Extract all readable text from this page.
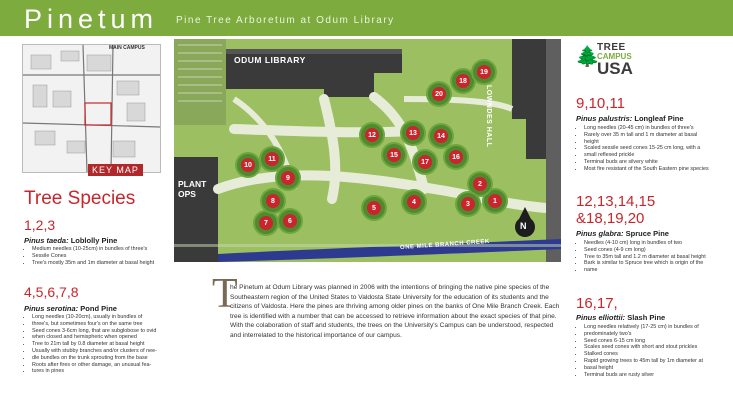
Pinetum Pine Tree Arboretum at Odum Library
MAIN CAMPUS
KEY MAP
Tree Species
1,2,3
Pinus taeda: Loblolly Pine
• Medium needles (10-25cm) in bundles of three's
• Sessile Cones
• Tree's mostly 35m and 1m diameter at basal height
4,5,6,7,8
Pinus serotina: Pond Pine
• Long needles (10-20cm), usually in bundles of
• three's, but sometimes four's on the same tree
• Seed cones 3-6cm long, that are subglobose to ovid
• when closed and hemispheric when opened
• Tree to 21m tall by 0.8 diameter at basal height
• Usually with stubby branches and/or clusters of nee-
• dle bundles on the trunk sprouting from the base
• Roots after fires or other damage, an unusual fea-
• tures in pines
ODUM LIBRARY
PLANT
OPS
LOWNDES HALL
ONE MILE BRANCH CREEK
N
1
2
3
4
5
6
7
8
9
10
11
12	13	14
15	16
17
18
19
20
T

he Pinetum at Odum Library was planned in 2006 with the intentions of bringing the native pine species of the Southeastern region of the United States to Valdosta State University for the education of its students and the citizens of Valdosta. Here the pines are thriving among older pines on the banks of One Mile Branch Creek. Each tree is identified with a number that can be accessed to retrieve information about the exact species of that pine. With the colaboration of staff and students, the trees on the University's Campus can be understood, respected and interrelated to the historical importance of our campus.

🌲
TREE
CAMPUS
USA
9,10,11
Pinus palustris: Longleaf Pine
• Long needles (20-45 cm) in bundles of three's
• Rarely over 35 m tall and 1 m diameter at basal
• height
• Scaled sessile seed cones 15-25 cm long, with a
• small reflexed prickle
• Terminal buds are silvery white
• Most fire resistant of the South Eastern pine species
12,13,14,15
&18,19,20
Pinus glabra: Spruce Pine
• Needles (4-10 cm) long in bundles of two
• Seed cones (4-9 cm long)
• Tree to 35m tall and 1.2 m diameter at basal height
• Bark is similar to Spruce tree which is origin of the
• name
16,17,
Pinus elliottii: Slash Pine
• Long needles relatively (17-25 cm) in bundles of
• predominately two's
• Seed cones 6-15 cm long
• Scales seed cones with short and stout prickles
• Stalked cones
• Rapid growing trees to 45m tall by 1m diameter at
• basal height
• Terminal buds are rusty silver
